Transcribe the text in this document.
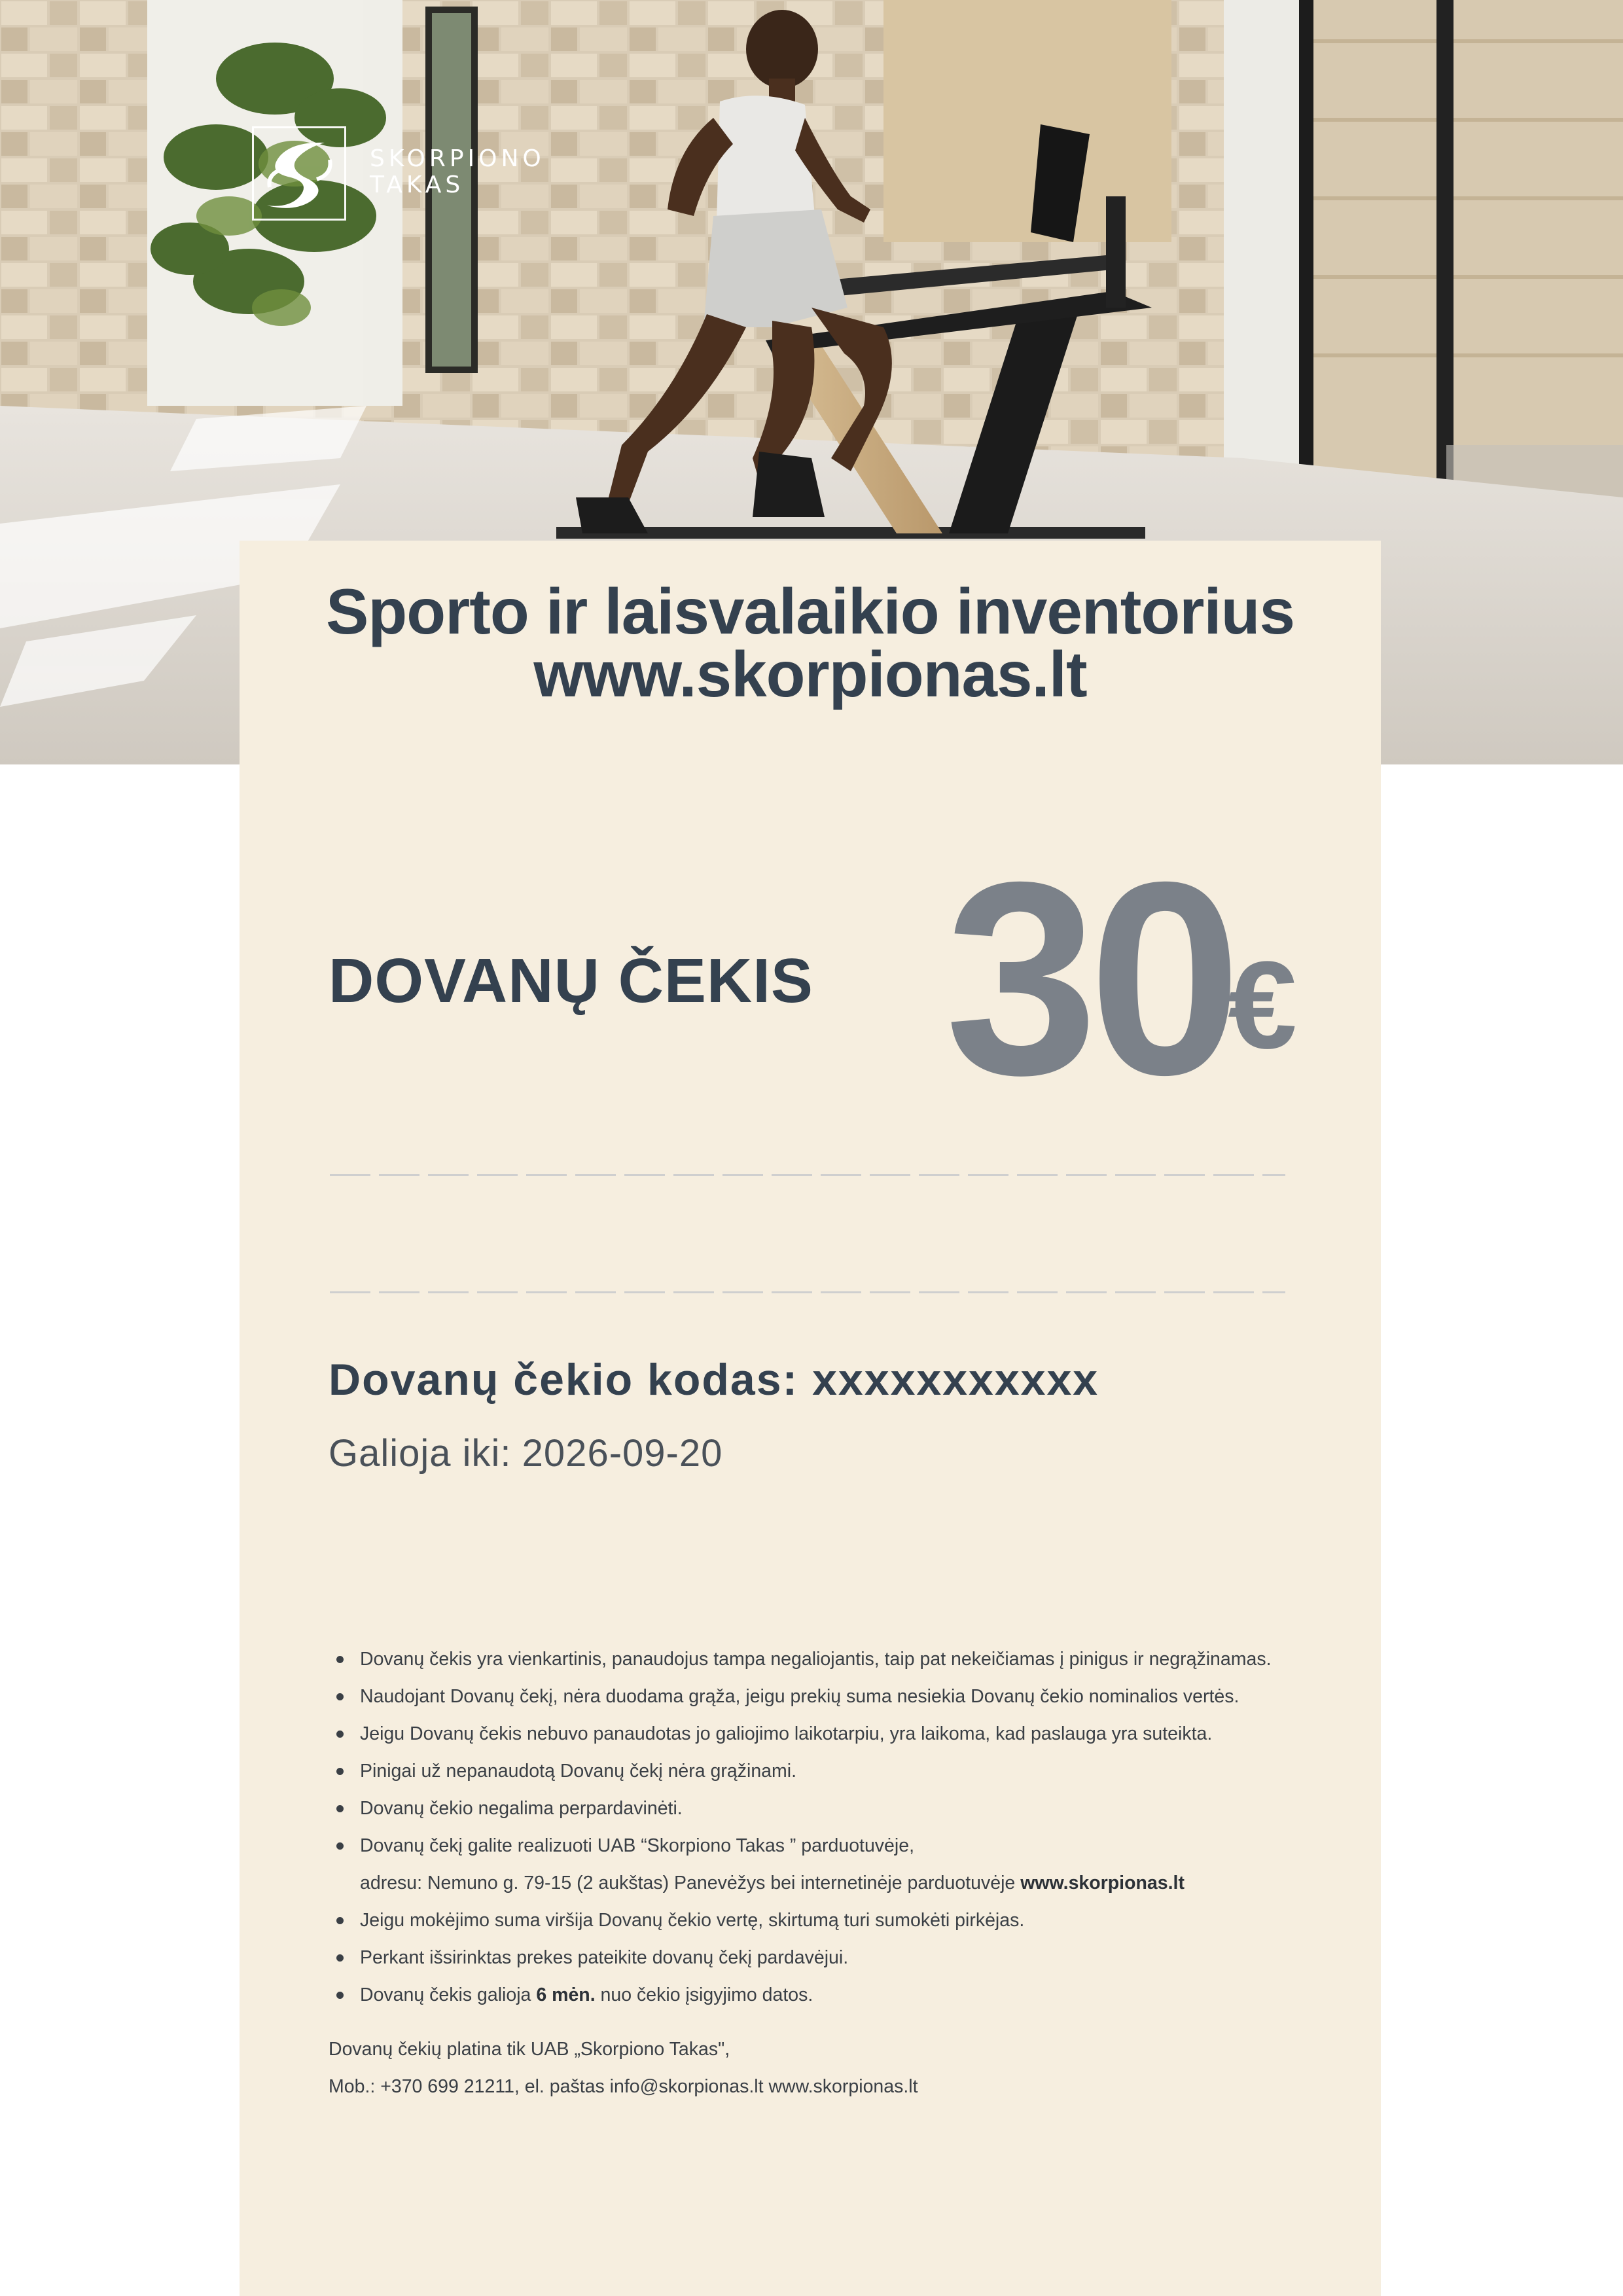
SKORPIONO
TAKAS
Sporto ir laisvalaikio inventorius
www.skorpionas.lt
DOVANŲ ČEKIS 30
€
Dovanų čekio kodas: xxxxxxxxxxx
Galioja iki: 2026-09-20
Dovanų čekis yra vienkartinis, panaudojus tampa negaliojantis, taip pat nekeičiamas į pinigus ir negrąžinamas.
Naudojant Dovanų čekį, nėra duodama grąža, jeigu prekių suma nesiekia Dovanų čekio nominalios vertės.
Jeigu Dovanų čekis nebuvo panaudotas jo galiojimo laikotarpiu, yra laikoma, kad paslauga yra suteikta.
Pinigai už nepanaudotą Dovanų čekį nėra grąžinami.
Dovanų čekio negalima perpardavinėti.
Dovanų čekį galite realizuoti UAB “Skorpiono Takas ” parduotuvėje,
adresu: Nemuno g. 79-15 (2 aukštas) Panevėžys bei internetinėje parduotuvėje www.skorpionas.lt
Jeigu mokėjimo suma viršija Dovanų čekio vertę, skirtumą turi sumokėti pirkėjas.
Perkant išsirinktas prekes pateikite dovanų čekį pardavėjui.
Dovanų čekis galioja 6 mėn. nuo čekio įsigyjimo datos.
Dovanų čekių platina tik UAB „Skorpiono Takas",
Mob.: +370 699 21211, el. paštas info@skorpionas.lt www.skorpionas.lt
